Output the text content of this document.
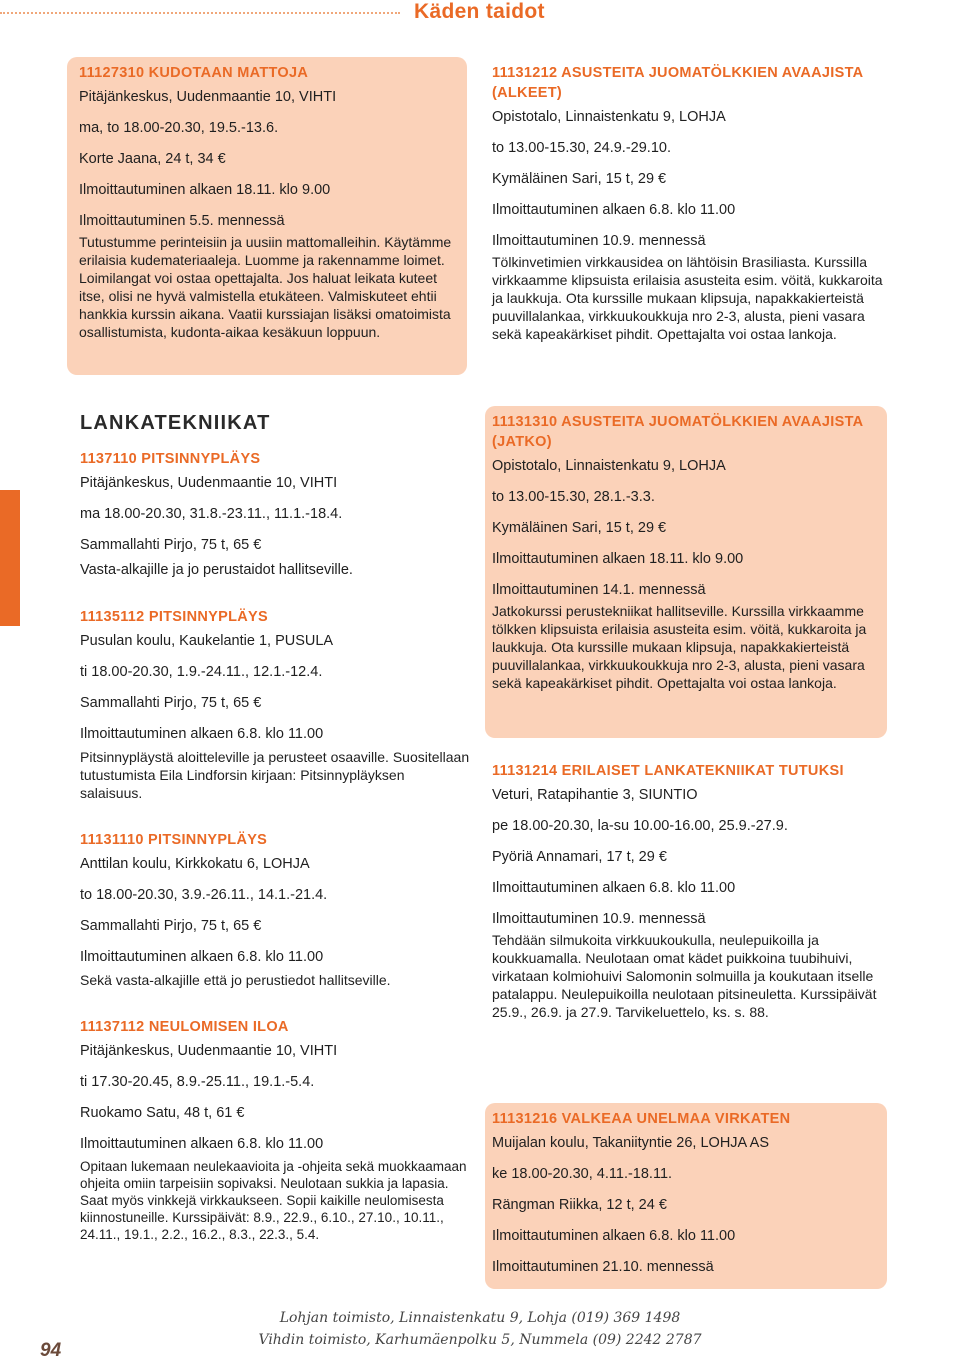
Käden taidot
11127310 KUDOTAAN MATTOJA
Pitäjänkeskus, Uudenmaantie 10, VIHTI
ma, to 18.00-20.30, 19.5.-13.6.
Korte Jaana, 24 t, 34 €
Ilmoittautuminen alkaen 18.11. klo 9.00
Ilmoittautuminen 5.5. mennessä
Tutustumme perinteisiin ja uusiin mattomalleihin. Käytämme erilaisia kudemateriaaleja. Luomme ja rakennamme loimet. Loimilangat voi ostaa opettajalta. Jos haluat leikata kuteet itse, olisi ne hyvä valmistella etukäteen. Valmiskuteet ehtii hankkia kurssin aikana. Vaatii kurssiajan lisäksi omatoimista osallistumista, kudonta-aikaa kesäkuun loppuun.
LANKATEKNIIKAT
1137110 PITSINNYPLÄYS
Pitäjänkeskus, Uudenmaantie 10, VIHTI
ma 18.00-20.30, 31.8.-23.11., 11.1.-18.4.
Sammallahti Pirjo, 75 t, 65 €
Vasta-alkajille ja jo perustaidot hallitseville.
11135112 PITSINNYPLÄYS
Pusulan koulu, Kaukelantie 1, PUSULA
ti 18.00-20.30, 1.9.-24.11., 12.1.-12.4.
Sammallahti Pirjo, 75 t, 65 €
Ilmoittautuminen alkaen 6.8. klo 11.00
Pitsinnypläystä aloitteleville ja perusteet osaaville. Suositellaan tutustumista Eila Lindforsin kirjaan: Pitsinnypläyksen salaisuus.
11131110 PITSINNYPLÄYS
Anttilan koulu, Kirkkokatu 6, LOHJA
to 18.00-20.30, 3.9.-26.11., 14.1.-21.4.
Sammallahti Pirjo, 75 t, 65 €
Ilmoittautuminen alkaen 6.8. klo 11.00
Sekä vasta-alkajille että jo perustiedot hallitseville.
11137112 NEULOMISEN ILOA
Pitäjänkeskus, Uudenmaantie 10, VIHTI
ti 17.30-20.45, 8.9.-25.11., 19.1.-5.4.
Ruokamo Satu, 48 t, 61 €
Ilmoittautuminen alkaen 6.8. klo 11.00
Opitaan lukemaan neulekaavioita ja -ohjeita sekä muokkaamaan ohjeita omiin tarpeisiin sopivaksi. Neulotaan sukkia ja lapasia. Saat myös vinkkejä virkkaukseen. Sopii kaikille neulomisesta kiinnostuneille. Kurssipäivät: 8.9., 22.9., 6.10., 27.10., 10.11., 24.11., 19.1., 2.2., 16.2., 8.3., 22.3., 5.4.
11131212 ASUSTEITA JUOMATÖLKKIEN AVAAJISTA (ALKEET)
Opistotalo, Linnaistenkatu 9, LOHJA
to 13.00-15.30, 24.9.-29.10.
Kymäläinen Sari, 15 t, 29 €
Ilmoittautuminen alkaen 6.8. klo 11.00
Ilmoittautuminen 10.9. mennessä
Tölkinvetimien virkkausidea on lähtöisin Brasiliasta. Kurssilla virkkaamme klipsuista erilaisia asusteita esim. vöitä, kukkaroita ja laukkuja. Ota kurssille mukaan klipsuja, napakkakierteistä puuvillalankaa, virkkuukoukkuja nro 2-3, alusta, pieni vasara sekä kapeakärkiset pihdit. Opettajalta voi ostaa lankoja.
11131310 ASUSTEITA JUOMATÖLKKIEN AVAAJISTA (JATKO)
Opistotalo, Linnaistenkatu 9, LOHJA
to 13.00-15.30, 28.1.-3.3.
Kymäläinen Sari, 15 t, 29 €
Ilmoittautuminen alkaen 18.11. klo 9.00
Ilmoittautuminen 14.1. mennessä
Jatkokurssi perustekniikat hallitseville. Kurssilla virkkaamme tölkken klipsuista erilaisia asusteita esim. vöitä, kukkaroita ja laukkuja. Ota kurssille mukaan klipsuja, napakkakierteistä puuvillalankaa, virkkuukoukkuja nro 2-3, alusta, pieni vasara sekä kapeakärkiset pihdit. Opettajalta voi ostaa lankoja.
11131214 ERILAISET LANKATEKNIIKAT TUTUKSI
Veturi, Ratapihantie 3, SIUNTIO
pe 18.00-20.30, la-su 10.00-16.00, 25.9.-27.9.
Pyöriä Annamari, 17 t, 29 €
Ilmoittautuminen alkaen 6.8. klo 11.00
Ilmoittautuminen 10.9. mennessä
Tehdään silmukoita virkkuukoukulla, neulepuikoilla ja koukkuamalla. Neulotaan omat kädet puikkoina tuubihuivi, virkataan kolmiohuivi Salomonin solmuilla ja koukutaan itselle patalappu. Neulepuikoilla neulotaan pitsineuletta. Kurssipäivät 25.9., 26.9. ja 27.9. Tarvikeluettelo, ks. s. 88.
11131216 VALKEAA UNELMAA VIRKATEN
Muijalan koulu, Takaniityntie 26, LOHJA AS
ke 18.00-20.30, 4.11.-18.11.
Rängman Riikka, 12 t, 24 €
Ilmoittautuminen alkaen 6.8. klo 11.00
Ilmoittautuminen 21.10. mennessä
Lohjan toimisto, Linnaistenkatu 9, Lohja (019) 369 1498
Vihdin toimisto, Karhumäenpolku 5, Nummela (09) 2242 2787
94
